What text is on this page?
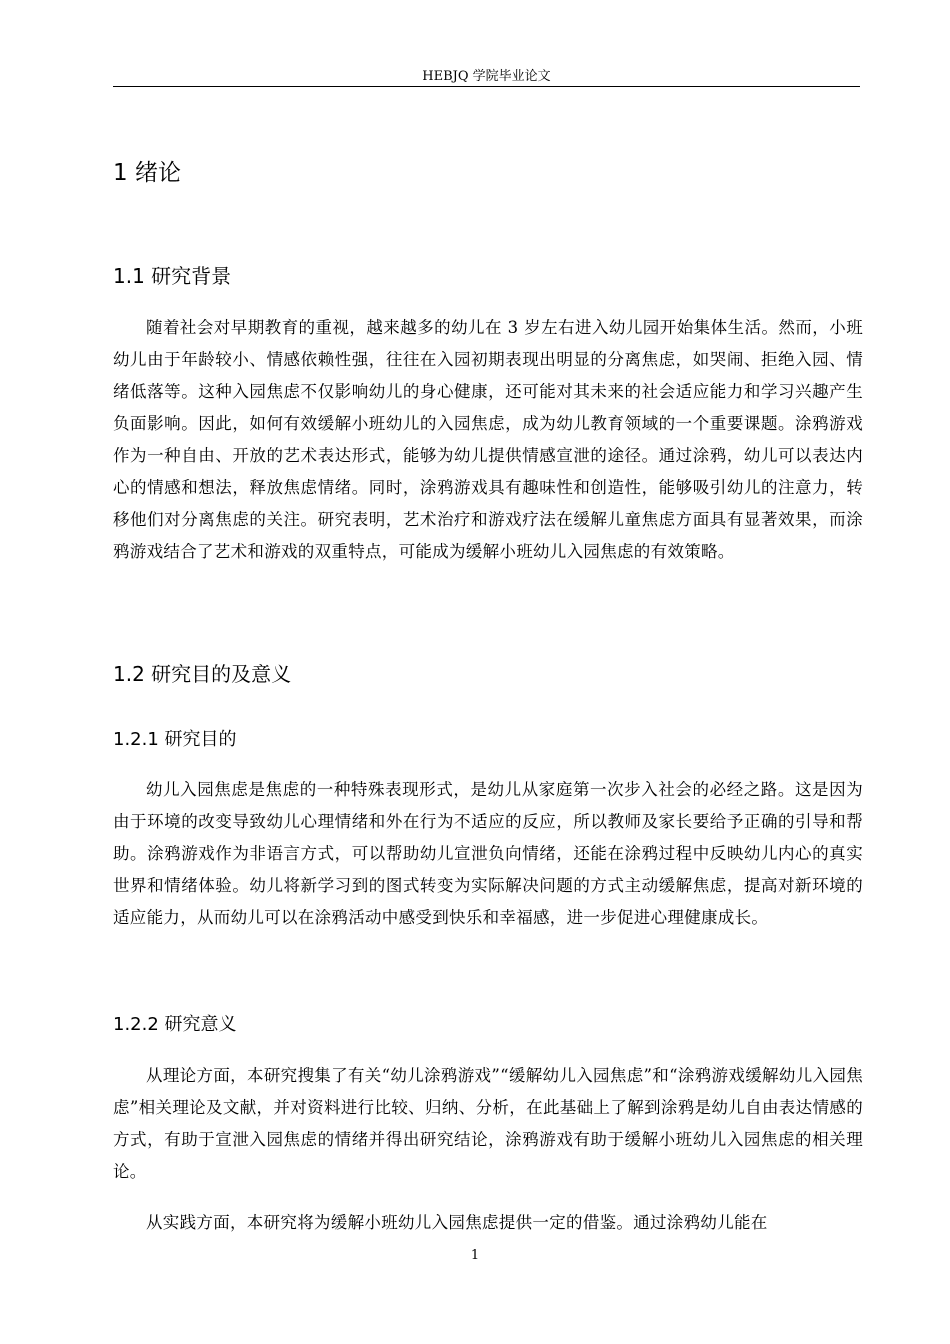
HEBJQ 学院毕业论文
1 绪论
1.1 研究背景

随着社会对早期教育的重视，越来越多的幼儿在 3 岁左右进入幼儿园开始集体生活。然而，小班幼儿由于年龄较小、情感依赖性强，往往在入园初期表现出明显的分离焦虑，如哭闹、拒绝入园、情绪低落等。这种入园焦虑不仅影响幼儿的身心健康，还可能对其未来的社会适应能力和学习兴趣产生负面影响。因此，如何有效缓解小班幼儿的入园焦虑，成为幼儿教育领域的一个重要课题。涂鸦游戏作为一种自由、开放的艺术表达形式，能够为幼儿提供情感宣泄的途径。通过涂鸦，幼儿可以表达内心的情感和想法，释放焦虑情绪。同时，涂鸦游戏具有趣味性和创造性，能够吸引幼儿的注意力，转移他们对分离焦虑的关注。研究表明，艺术治疗和游戏疗法在缓解儿童焦虑方面具有显著效果，而涂鸦游戏结合了艺术和游戏的双重特点，可能成为缓解小班幼儿入园焦虑的有效策略。

1.2 研究目的及意义
1.2.1 研究目的

幼儿入园焦虑是焦虑的一种特殊表现形式，是幼儿从家庭第一次步入社会的必经之路。这是因为由于环境的改变导致幼儿心理情绪和外在行为不适应的反应，所以教师及家长要给予正确的引导和帮助。涂鸦游戏作为非语言方式，可以帮助幼儿宣泄负向情绪，还能在涂鸦过程中反映幼儿内心的真实世界和情绪体验。幼儿将新学习到的图式转变为实际解决问题的方式主动缓解焦虑，提高对新环境的适应能力，从而幼儿可以在涂鸦活动中感受到快乐和幸福感，进一步促进心理健康成长。

1.2.2 研究意义

从理论方面，本研究搜集了有关“幼儿涂鸦游戏”“缓解幼儿入园焦虑”和“涂鸦游戏缓解幼儿入园焦虑”相关理论及文献，并对资料进行比较、归纳、分析，在此基础上了解到涂鸦是幼儿自由表达情感的方式，有助于宣泄入园焦虑的情绪并得出研究结论，涂鸦游戏有助于缓解小班幼儿入园焦虑的相关理论。

从实践方面，本研究将为缓解小班幼儿入园焦虑提供一定的借鉴。通过涂鸦幼儿能在

1
